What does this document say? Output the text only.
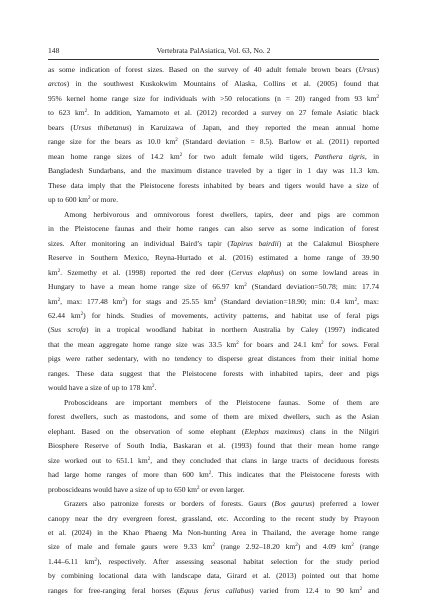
148	Vertebrata PalAsiatica, Vol. 63, No. 2
as some indication of forest sizes. Based on the survey of 40 adult female brown bears (Ursus)
arctos) in the southwest Kuskokwim Mountains of Alaska, Collins et al. (2005) found that
95% kernel home range size for individuals with >50 relocations (n = 20) ranged from 93 $km^2$
to 623 $km^2$. In addition, Yamamoto et al. (2012) recorded a survey on 27 female Asiatic black
bears (Ursus thibetanus) in Karuizawa of Japan, and they reported the mean annual home
range size for the bears as 10.0 $km^2$ (Standard deviation = 8.5). Barlow et al. (2011) reported
mean home range sizes of 14.2 $km^2$ for two adult female wild tigers, Panthera tigris, in
Bangladesh Sundarbans, and the maximum distance traveled by a tiger in 1 day was 11.3 km.
These data imply that the Pleistocene forests inhabited by bears and tigers would have a size of
up to 600 $km^2$ or more.
Among herbivorous and omnivorous forest dwellers, tapirs, deer and pigs are common
in the Pleistocene faunas and their home ranges can also serve as some indication of forest
sizes. After monitoring an individual Baird’s tapir (Tapirus bairdii) at the Calakmul Biosphere
Reserve in Southern Mexico, Reyna-Hurtado et al. (2016) estimated a home range of 39.90
$km^2$. Szemethy et al. (1998) reported the red deer (Cervus elaphus) on some lowland areas in
Hungary to have a mean home range size of 66.97 $km^2$ (Standard deviation=50.78; min: 17.74
$km^2$, max: 177.48 $km^2$) for stags and 25.55 $km^2$ (Standard deviation=18.90; min: 0.4 $km^2$, max:
62.44 $km^2$) for hinds. Studies of movements, activity patterns, and habitat use of feral pigs
(Sus scrofa) in a tropical woodland habitat in northern Australia by Caley (1997) indicated
that the mean aggregate home range size was 33.5 $km^2$ for boars and 24.1 $km^2$ for sows. Feral
pigs were rather sedentary, with no tendency to disperse great distances from their initial home
ranges. These data suggest that the Pleistocene forests with inhabited tapirs, deer and pigs
would have a size of up to 178 $km^2$.
Proboscideans are important members of the Pleistocene faunas. Some of them are
forest dwellers, such as mastodons, and some of them are mixed dwellers, such as the Asian
elephant. Based on the observation of some elephant (Elephas maximus) clans in the Nilgiri
Biosphere Reserve of South India, Baskaran et al. (1993) found that their mean home range
size worked out to 651.1 $km^2$, and they concluded that clans in large tracts of deciduous forests
had large home ranges of more than 600 $km^2$. This indicates that the Pleistocene forests with
proboscideans would have a size of up to 650 $km^2$ or even larger.
Grazers also patronize forests or borders of forests. Gaurs (Bos gaurus) preferred a lower
canopy near the dry evergreen forest, grassland, etc. According to the recent study by Prayoon
et al. (2024) in the Khao Phaeng Ma Non-hunting Area in Thailand, the average home range
size of male and female gaurs were 9.33 $km^2$ (range 2.92–18.20 $km^2$) and 4.09 $km^2$ (range
1.44–6.11 $km^2$), respectively. After assessing seasonal habitat selection for the study period
by combining locational data with landscape data, Girard et al. (2013) pointed out that home
ranges for free-ranging feral horses (Equus ferus callabus) varied from 12.4 to 90 $km^2$ and
